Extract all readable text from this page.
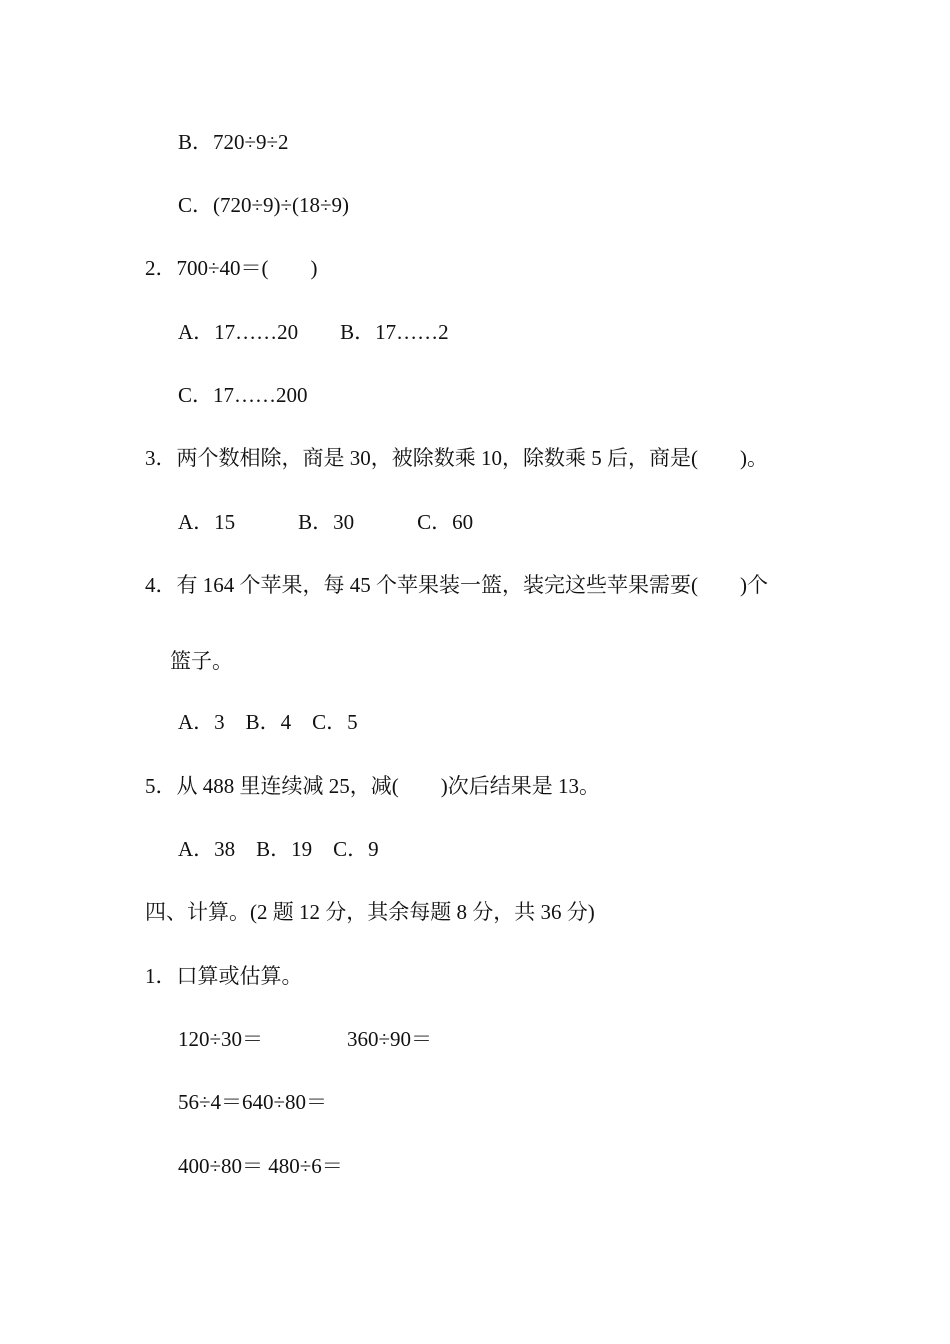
B．720÷9÷2
C．(720÷9)÷(18÷9)
2．700÷40＝(　　)
A．17……20　　B．17……2
C．17……200
3．两个数相除，商是 30，被除数乘 10，除数乘 5 后，商是(　　)。
A．15　　　B．30　　　C．60
4．有 164 个苹果，每 45 个苹果装一篮，装完这些苹果需要(　　)个
篮子。
A．3　B．4　C．5
5．从 488 里连续减 25，减(　　)次后结果是 13。
A．38　B．19　C．9
四、计算。(2 题 12 分，其余每题 8 分，共 36 分)
1．口算或估算。
120÷30＝　　　　360÷90＝
56÷4＝640÷80＝
400÷80＝ 480÷6＝
